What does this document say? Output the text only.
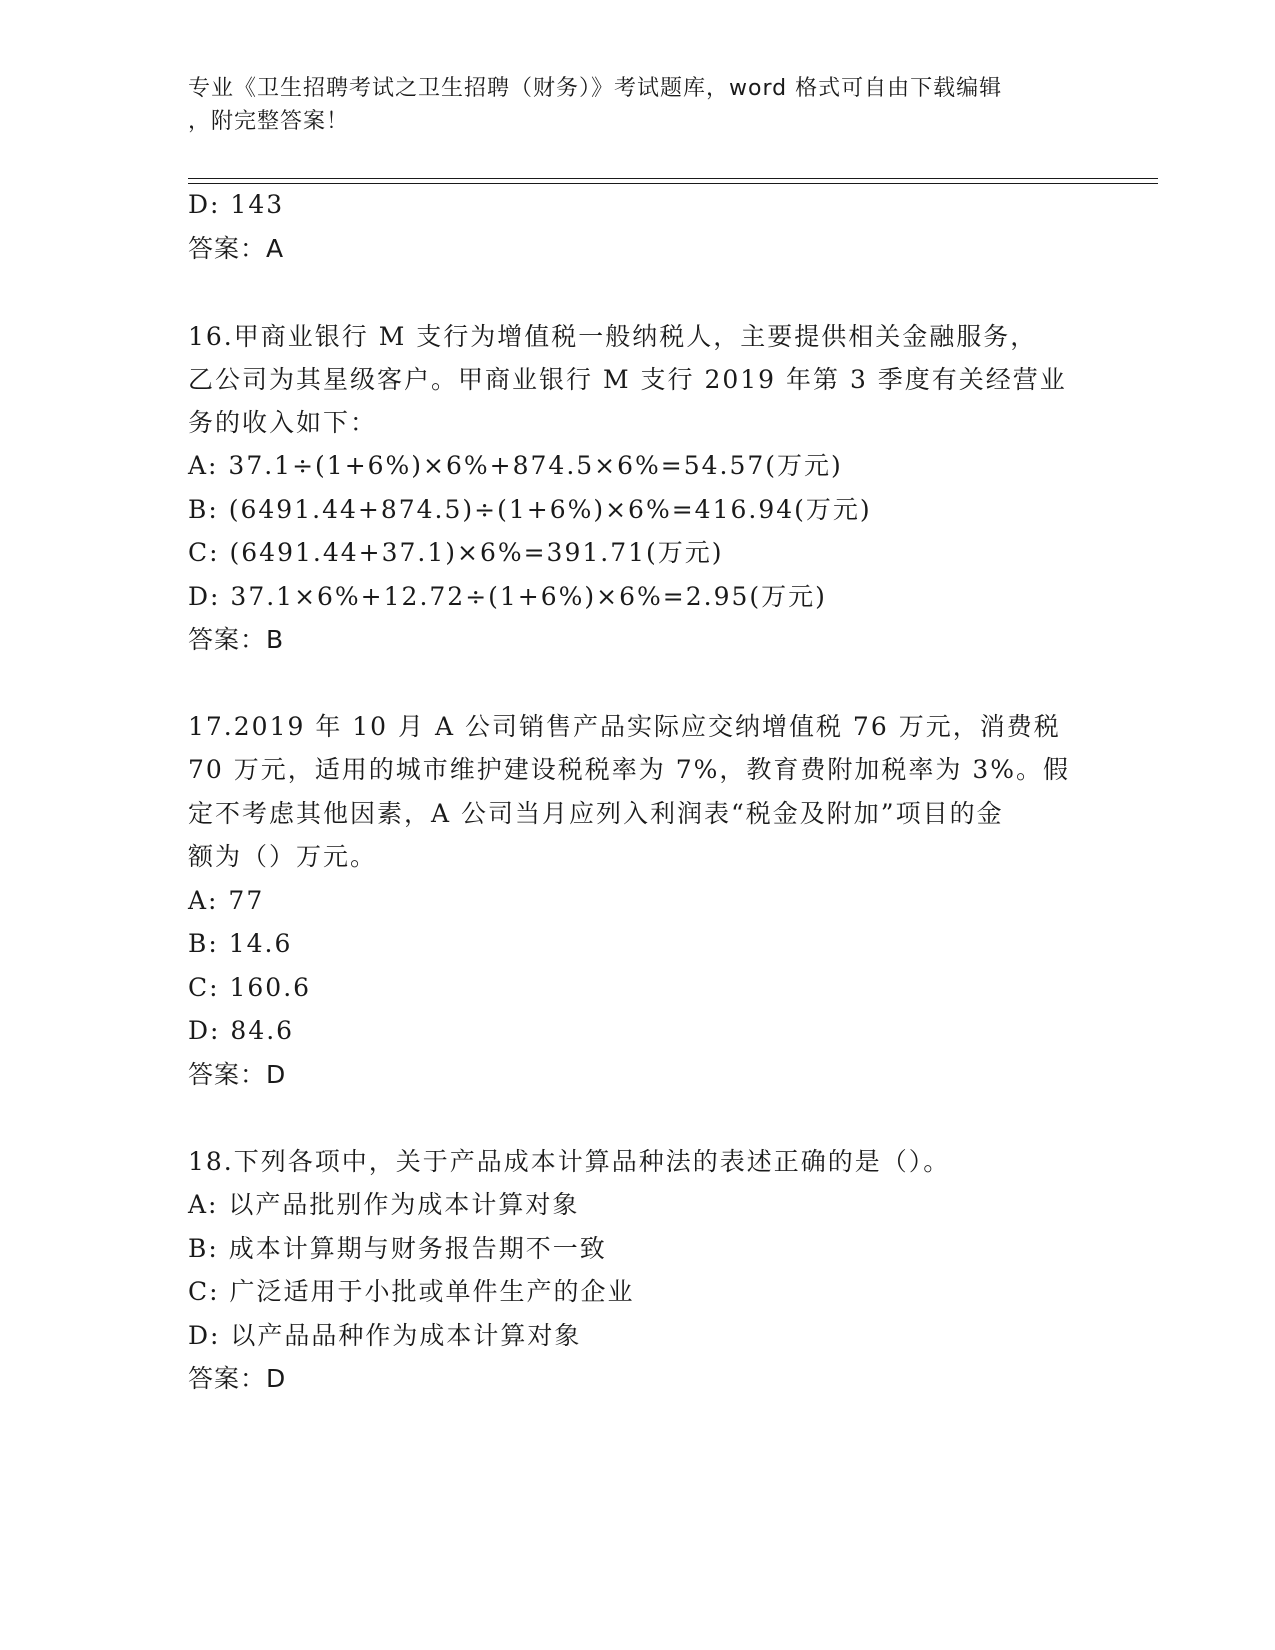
专业《卫生招聘考试之卫生招聘（财务）》考试题库，word 格式可自由下载编辑
，附完整答案！
D: 143
答案：A
16.甲商业银行 M 支行为增值税一般纳税人，主要提供相关金融服务，
乙公司为其星级客户。甲商业银行 M 支行 2019 年第 3 季度有关经营业
务的收入如下：
A: 37.1÷(1+6%)×6%+874.5×6%=54.57(万元)
B: (6491.44+874.5)÷(1+6%)×6%=416.94(万元)
C: (6491.44+37.1)×6%=391.71(万元)
D: 37.1×6%+12.72÷(1+6%)×6%=2.95(万元)
答案：B
17.2019 年 10 月 A 公司销售产品实际应交纳增值税 76 万元，消费税
70 万元，适用的城市维护建设税税率为 7%，教育费附加税率为 3%。假
定不考虑其他因素，A 公司当月应列入利润表“税金及附加”项目的金
额为（）万元。
A: 77
B: 14.6
C: 160.6
D: 84.6
答案：D
18.下列各项中，关于产品成本计算品种法的表述正确的是（）。
A: 以产品批别作为成本计算对象
B: 成本计算期与财务报告期不一致
C: 广泛适用于小批或单件生产的企业
D: 以产品品种作为成本计算对象
答案：D
